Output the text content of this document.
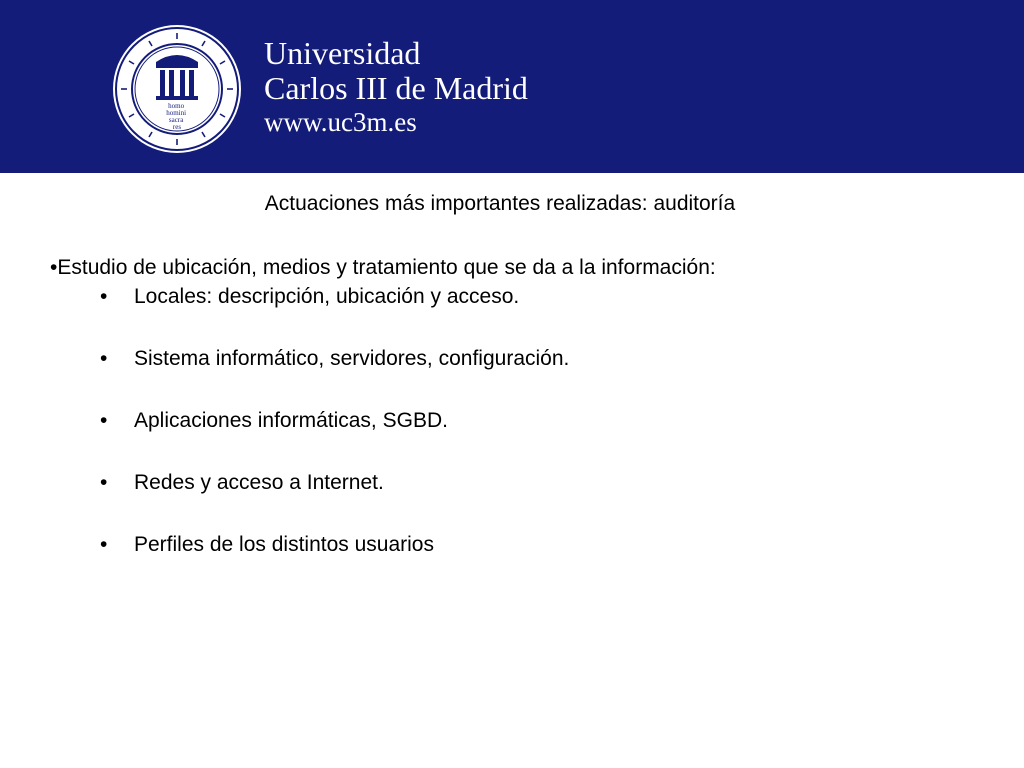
homo homini sacra res
Universidad
Carlos III de Madrid
www.uc3m.es
Actuaciones más importantes realizadas: auditoría
•Estudio de ubicación, medios y tratamiento que se da a la información:
• Locales: descripción, ubicación y acceso.
• Sistema informático, servidores, configuración.
• Aplicaciones informáticas, SGBD.
• Redes y acceso a Internet.
• Perfiles de los distintos usuarios
